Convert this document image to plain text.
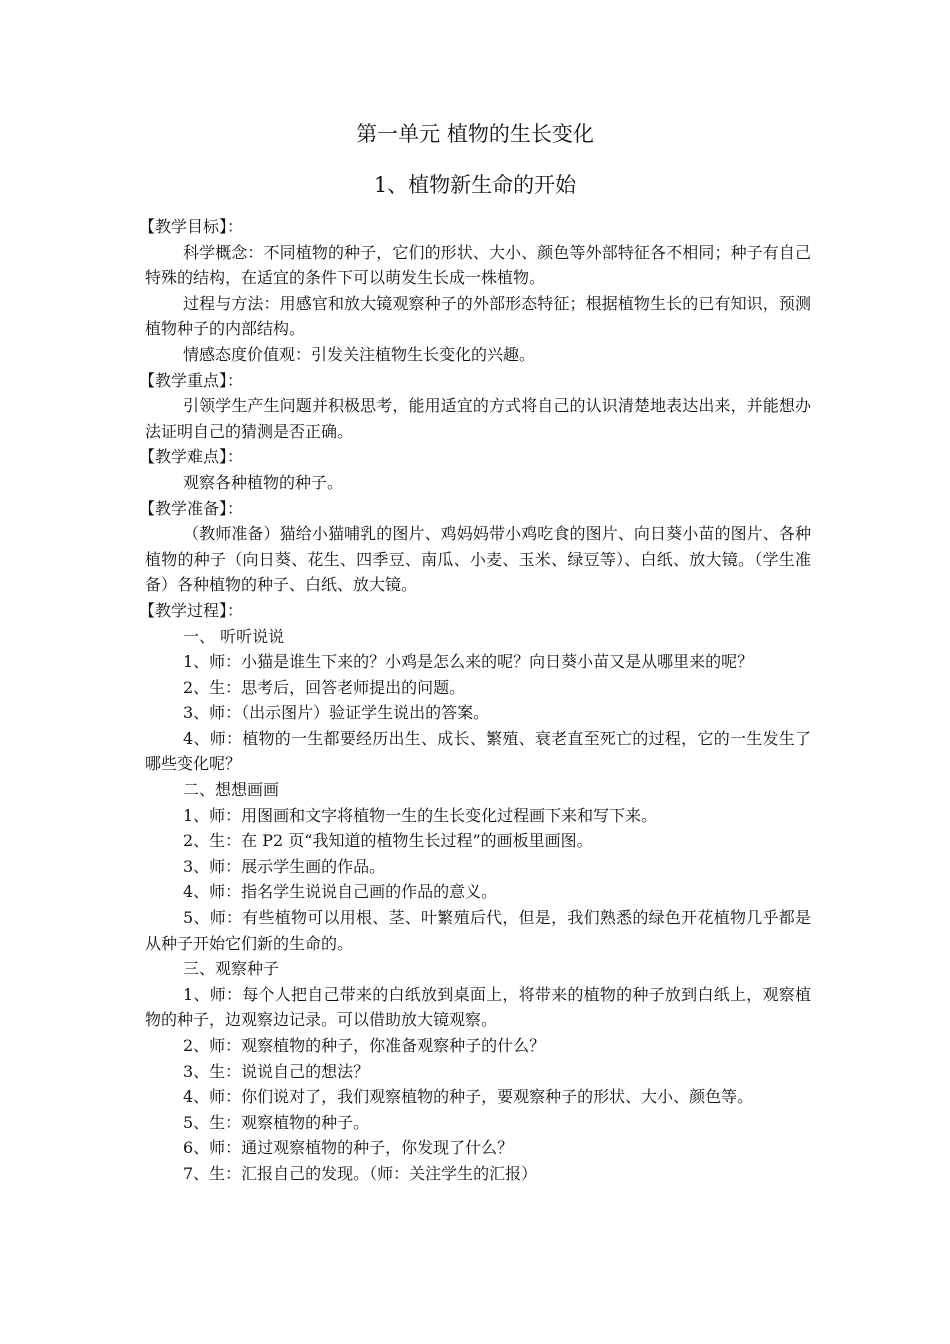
第一单元 植物的生长变化
1、植物新生命的开始

【教学目标】：

科学概念：不同植物的种子，它们的形状、大小、颜色等外部特征各不相同；种子有自己特殊的结构，在适宜的条件下可以萌发生长成一株植物。

过程与方法：用感官和放大镜观察种子的外部形态特征；根据植物生长的已有知识，预测植物种子的内部结构。

情感态度价值观：引发关注植物生长变化的兴趣。

【教学重点】：

引领学生产生问题并积极思考，能用适宜的方式将自己的认识清楚地表达出来，并能想办法证明自己的猜测是否正确。

【教学难点】：

观察各种植物的种子。

【教学准备】：

（教师准备）猫给小猫哺乳的图片、鸡妈妈带小鸡吃食的图片、向日葵小苗的图片、各种植物的种子（向日葵、花生、四季豆、南瓜、小麦、玉米、绿豆等）、白纸、放大镜。（学生准备）各种植物的种子、白纸、放大镜。

【教学过程】：

一、 听听说说

1、师：小猫是谁生下来的？小鸡是怎么来的呢？向日葵小苗又是从哪里来的呢？

2、生：思考后，回答老师提出的问题。

3、师：（出示图片）验证学生说出的答案。

4、师：植物的一生都要经历出生、成长、繁殖、衰老直至死亡的过程，它的一生发生了哪些变化呢？

二、想想画画

1、师：用图画和文字将植物一生的生长变化过程画下来和写下来。

2、生：在 P2 页“我知道的植物生长过程”的画板里画图。

3、师：展示学生画的作品。

4、师：指名学生说说自己画的作品的意义。

5、师：有些植物可以用根、茎、叶繁殖后代，但是，我们熟悉的绿色开花植物几乎都是从种子开始它们新的生命的。

三、观察种子

1、师：每个人把自己带来的白纸放到桌面上，将带来的植物的种子放到白纸上，观察植物的种子，边观察边记录。可以借助放大镜观察。

2、师：观察植物的种子，你准备观察种子的什么？

3、生：说说自己的想法？

4、师：你们说对了，我们观察植物的种子，要观察种子的形状、大小、颜色等。

5、生：观察植物的种子。

6、师：通过观察植物的种子，你发现了什么？

7、生：汇报自己的发现。（师：关注学生的汇报）
